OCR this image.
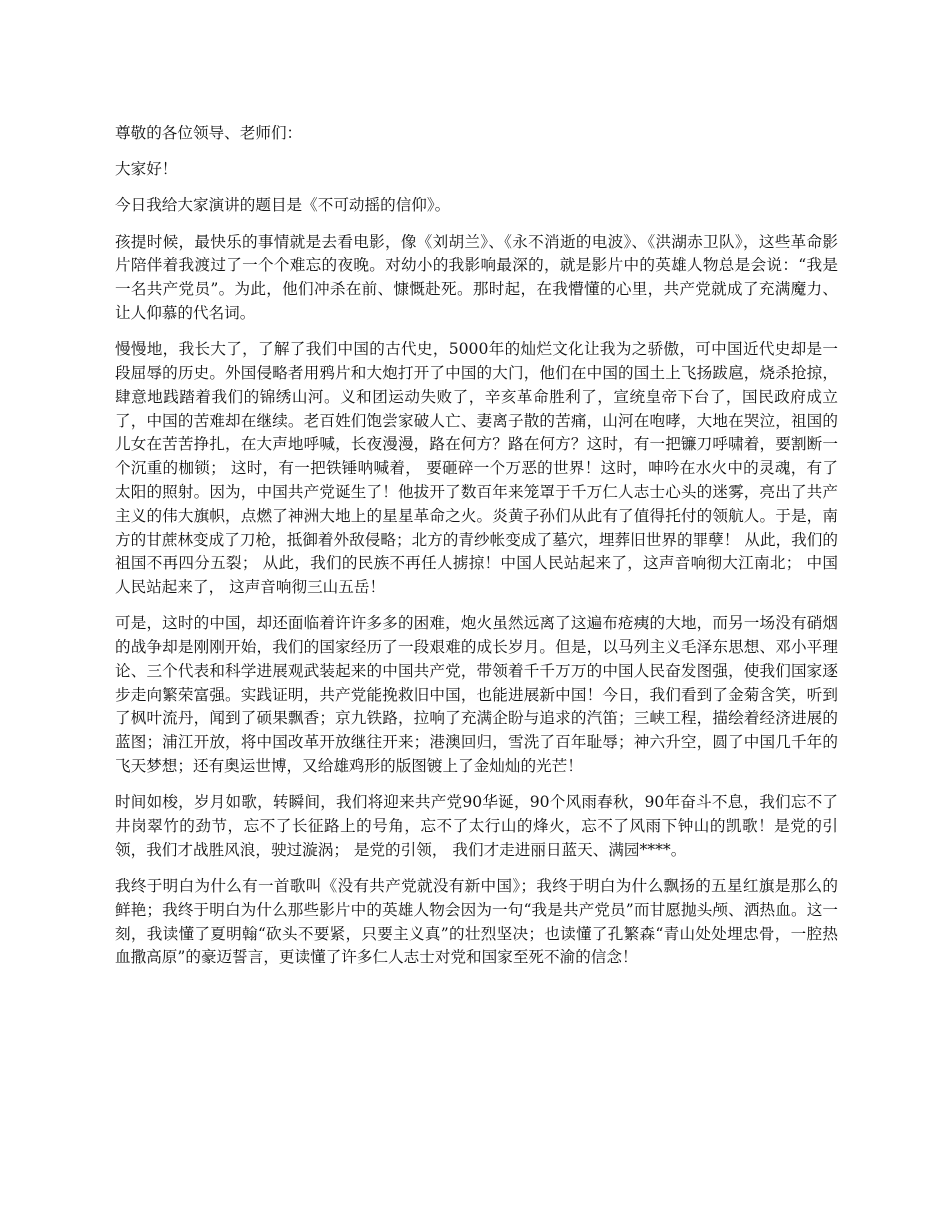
尊敬的各位领导、老师们：

大家好！

今日我给大家演讲的题目是《不可动摇的信仰》。

孩提时候，最快乐的事情就是去看电影，像《刘胡兰》、《永不消逝的电波》、《洪湖赤卫队》，这些革命影片陪伴着我渡过了一个个难忘的夜晚。对幼小的我影响最深的，就是影片中的英雄人物总是会说：“我是一名共产党员”。为此，他们冲杀在前、慷慨赴死。那时起，在我懵懂的心里，共产党就成了充满魔力、让人仰慕的代名词。

慢慢地，我长大了，了解了我们中国的古代史，5000年的灿烂文化让我为之骄傲，可中国近代史却是一段屈辱的历史。外国侵略者用鸦片和大炮打开了中国的大门，他们在中国的国土上飞扬跋扈，烧杀抢掠，肆意地践踏着我们的锦绣山河。义和团运动失败了，辛亥革命胜利了，宣统皇帝下台了，国民政府成立了，中国的苦难却在继续。老百姓们饱尝家破人亡、妻离子散的苦痛，山河在咆哮，大地在哭泣，祖国的儿女在苦苦挣扎，在大声地呼喊，长夜漫漫，路在何方？路在何方？这时，有一把镰刀呼啸着，要割断一个沉重的枷锁； 这时，有一把铁锤呐喊着， 要砸碎一个万恶的世界！这时，呻吟在水火中的灵魂，有了太阳的照射。因为，中国共产党诞生了！他拔开了数百年来笼罩于千万仁人志士心头的迷雾，亮出了共产主义的伟大旗帜，点燃了神洲大地上的星星革命之火。炎黄子孙们从此有了值得托付的领航人。于是，南方的甘蔗林变成了刀枪，抵御着外敌侵略；北方的青纱帐变成了墓穴，埋葬旧世界的罪孽！ 从此，我们的祖国不再四分五裂； 从此，我们的民族不再任人掳掠！中国人民站起来了，这声音响彻大江南北； 中国人民站起来了， 这声音响彻三山五岳！

可是，这时的中国，却还面临着许许多多的困难，炮火虽然远离了这遍布疮痍的大地，而另一场没有硝烟的战争却是刚刚开始，我们的国家经历了一段艰难的成长岁月。但是，以马列主义毛泽东思想、邓小平理论、三个代表和科学进展观武装起来的中国共产党，带领着千千万万的中国人民奋发图强，使我们国家逐步走向繁荣富强。实践证明，共产党能挽救旧中国，也能进展新中国！今日，我们看到了金菊含笑，听到了枫叶流丹，闻到了硕果飘香；京九铁路，拉响了充满企盼与追求的汽笛；三峡工程，描绘着经济进展的蓝图；浦江开放，将中国改革开放继往开来；港澳回归，雪洗了百年耻辱；神六升空，圆了中国几千年的飞天梦想；还有奥运世博，又给雄鸡形的版图镀上了金灿灿的光芒！

时间如梭，岁月如歌，转瞬间，我们将迎来共产党90华诞，90个风雨春秋，90年奋斗不息，我们忘不了井岗翠竹的劲节，忘不了长征路上的号角，忘不了太行山的烽火，忘不了风雨下钟山的凯歌！是党的引领，我们才战胜风浪，驶过漩涡； 是党的引领， 我们才走进丽日蓝天、满园****。

我终于明白为什么有一首歌叫《没有共产党就没有新中国》；我终于明白为什么飘扬的五星红旗是那么的鲜艳；我终于明白为什么那些影片中的英雄人物会因为一句“我是共产党员”而甘愿抛头颅、洒热血。这一刻，我读懂了夏明翰“砍头不要紧，只要主义真”的壮烈坚决；也读懂了孔繁森“青山处处埋忠骨，一腔热血撒高原”的豪迈誓言，更读懂了许多仁人志士对党和国家至死不渝的信念！
